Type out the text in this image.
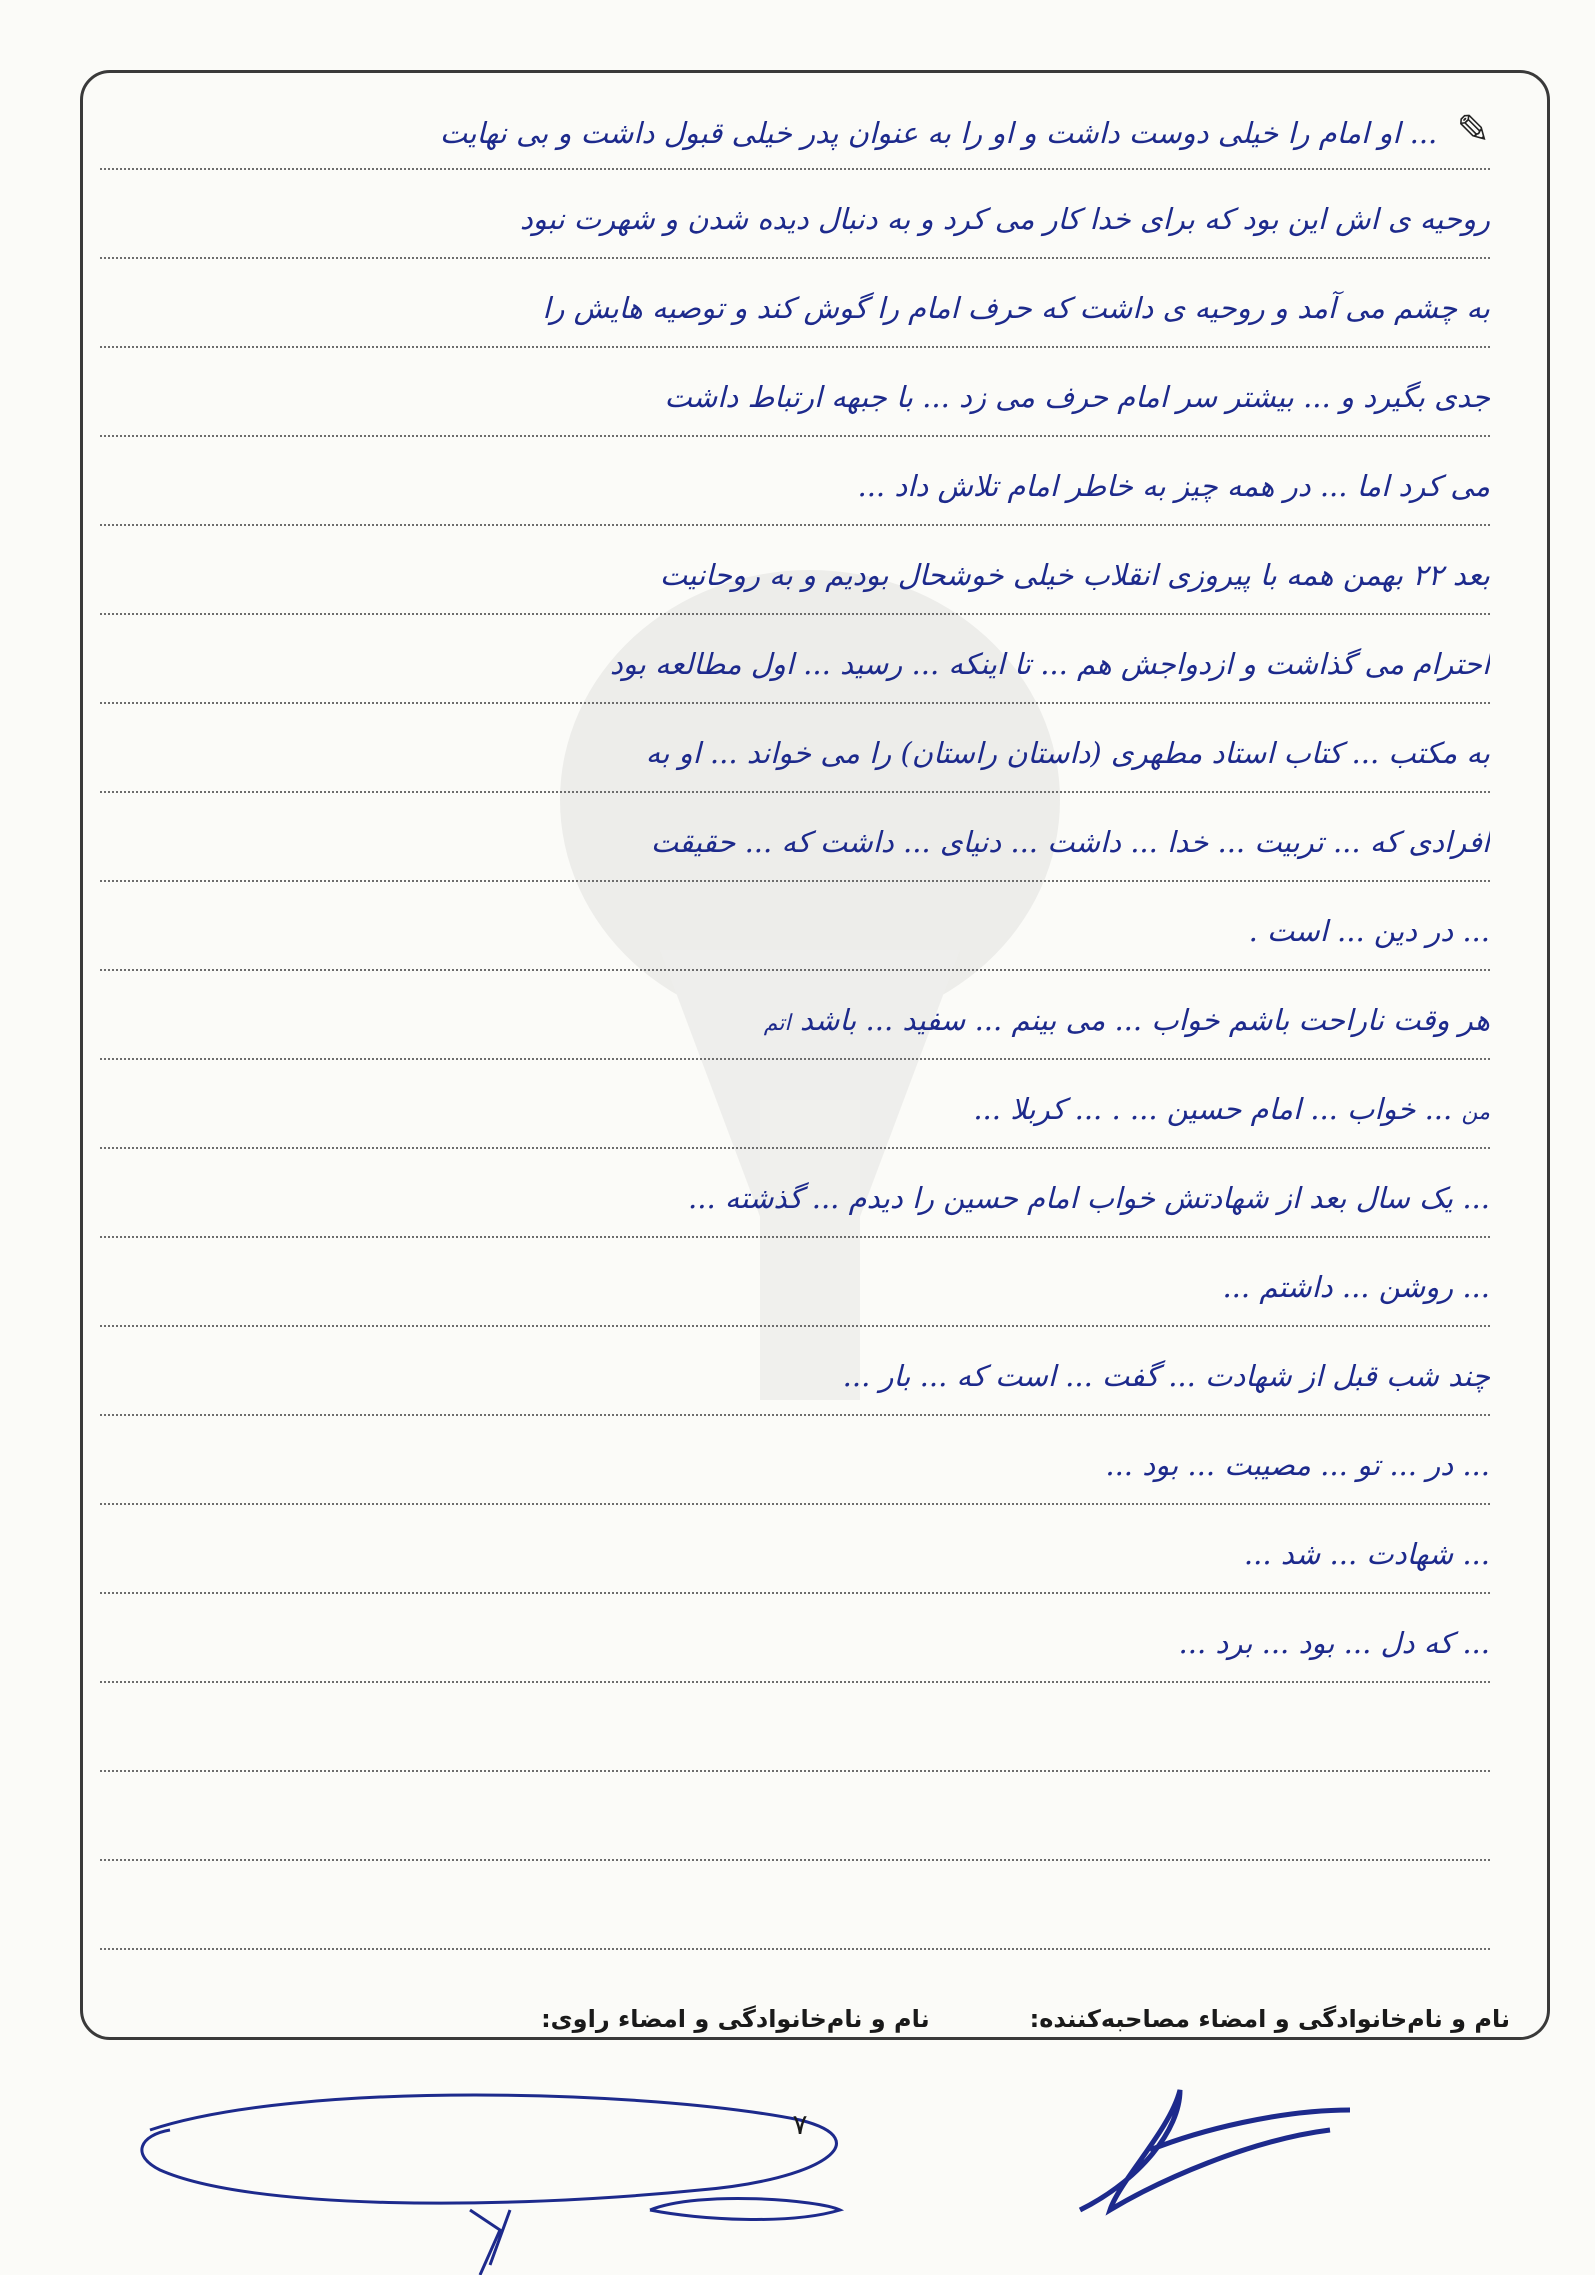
✎ ... او امام را خیلی دوست داشت و او را به عنوان پدر خیلی قبول داشت و بی نهایت
روحیه ی اش این بود که برای خدا کار می کرد و به دنبال دیده شدن و شهرت نبود
به چشم می آمد و روحیه ی داشت که حرف امام را گوش کند و توصیه هایش را
جدی بگیرد و ... بیشتر سر امام حرف می زد ... با جبهه ارتباط داشت
می کرد اما ... در همه چیز به خاطر امام تلاش داد ...
بعد ۲۲ بهمن همه با پیروزی انقلاب خیلی خوشحال بودیم و به روحانیت
احترام می گذاشت و ازدواجش هم ... تا اینکه ... رسید ... اول مطالعه بود
به مکتب ... کتاب استاد مطهری (داستان راستان) را می خواند ... او به
افرادی که ... تربیت ... خدا ... داشت ... دنیای ... داشت که ... حقیقت
... در دین ... است .
هر وقت ناراحت باشم خواب ... می بینم ... سفید ... باشد اتم
من ... خواب ... امام حسین ... . ... کربلا ...
... یک سال بعد از شهادتش خواب امام حسین را دیدم ... گذشته ...
... روشن ... داشتم ...
چند شب قبل از شهادت ... گفت ... است که ... بار ...
... در ... تو ... مصیبت ... بود ...
... شهادت ... شد ...
... که دل ... بود ... برد ...
نام و نام‌خانوادگی و امضاء مصاحبه‌کننده:
نام و نام‌خانوادگی و امضاء راوی:
۷
